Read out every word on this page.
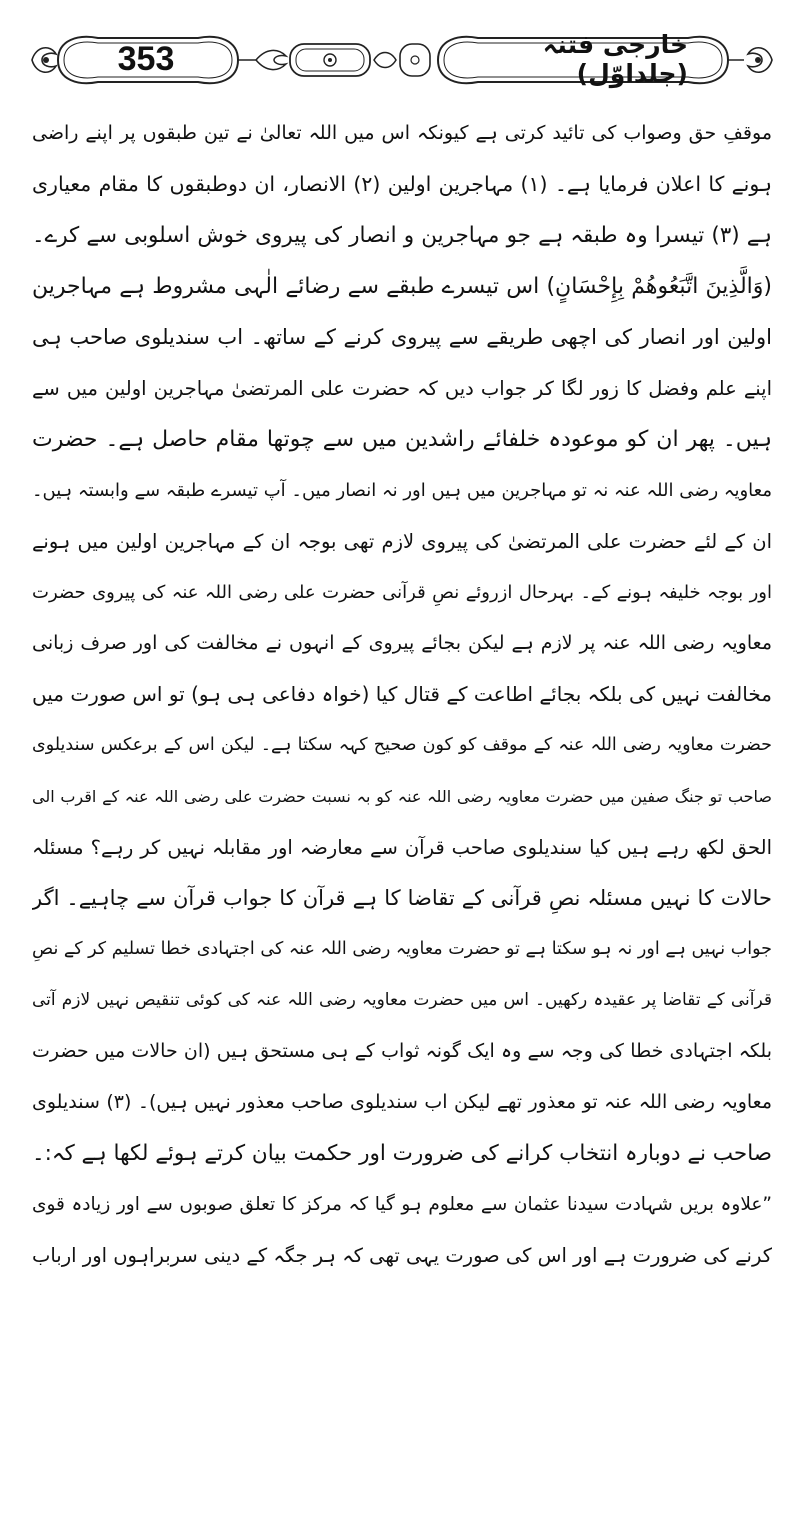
353	خارجی فتنہ (جلداوّل)
موقفِ حق وصواب کی تائید کرتی ہے کیونکہ اس میں اللہ تعالیٰ نے تین طبقوں پر اپنے راضی
ہونے کا اعلان فرمایا ہے۔ (۱) مہاجرین اولین (۲) الانصار، ان دوطبقوں کا مقام معیاری
ہے (۳) تیسرا وہ طبقہ ہے جو مہاجرین و انصار کی پیروی خوش اسلوبی سے کرے۔
(وَالَّذِينَ اتَّبَعُوهُمْ بِإِحْسَانٍ) اس تیسرے طبقے سے رضائے الٰہی مشروط ہے مہاجرین
اولین اور انصار کی اچھی طریقے سے پیروی کرنے کے ساتھ۔ اب سندیلوی صاحب ہی
اپنے علم وفضل کا زور لگا کر جواب دیں کہ حضرت علی المرتضیٰ مہاجرین اولین میں سے
ہیں۔ پھر ان کو موعودہ خلفائے راشدین میں سے چوتھا مقام حاصل ہے۔ حضرت
معاویہ رضی اللہ عنہ نہ تو مہاجرین میں ہیں اور نہ انصار میں۔ آپ تیسرے طبقہ سے وابستہ ہیں۔
ان کے لئے حضرت علی المرتضیٰ کی پیروی لازم تھی بوجہ ان کے مہاجرین اولین میں ہونے
اور بوجہ خلیفہ ہونے کے۔ بہرحال ازروئے نصِ قرآنی حضرت علی رضی اللہ عنہ کی پیروی حضرت
معاویہ رضی اللہ عنہ پر لازم ہے لیکن بجائے پیروی کے انہوں نے مخالفت کی اور صرف زبانی
مخالفت نہیں کی بلکہ بجائے اطاعت کے قتال کیا (خواہ دفاعی ہی ہو) تو اس صورت میں
حضرت معاویہ رضی اللہ عنہ کے موقف کو کون صحیح کہہ سکتا ہے۔ لیکن اس کے برعکس سندیلوی
صاحب تو جنگ صفین میں حضرت معاویہ رضی اللہ عنہ کو بہ نسبت حضرت علی رضی اللہ عنہ کے اقرب الی
الحق لکھ رہے ہیں کیا سندیلوی صاحب قرآن سے معارضہ اور مقابلہ نہیں کر رہے؟ مسئلہ
حالات کا نہیں مسئلہ نصِ قرآنی کے تقاضا کا ہے قرآن کا جواب قرآن سے چاہیے۔ اگر
جواب نہیں ہے اور نہ ہو سکتا ہے تو حضرت معاویہ رضی اللہ عنہ کی اجتہادی خطا تسلیم کر کے نصِ
قرآنی کے تقاضا پر عقیدہ رکھیں۔ اس میں حضرت معاویہ رضی اللہ عنہ کی کوئی تنقیص نہیں لازم آتی
بلکہ اجتہادی خطا کی وجہ سے وہ ایک گونہ ثواب کے ہی مستحق ہیں (ان حالات میں حضرت
معاویہ رضی اللہ عنہ تو معذور تھے لیکن اب سندیلوی صاحب معذور نہیں ہیں)۔ (۳) سندیلوی
صاحب نے دوبارہ انتخاب کرانے کی ضرورت اور حکمت بیان کرتے ہوئے لکھا ہے کہ:۔
”علاوہ بریں شہادت سیدنا عثمان سے معلوم ہو گیا کہ مرکز کا تعلق صوبوں سے اور زیادہ قوی
کرنے کی ضرورت ہے اور اس کی صورت یہی تھی کہ ہر جگہ کے دینی سربراہوں اور ارباب
